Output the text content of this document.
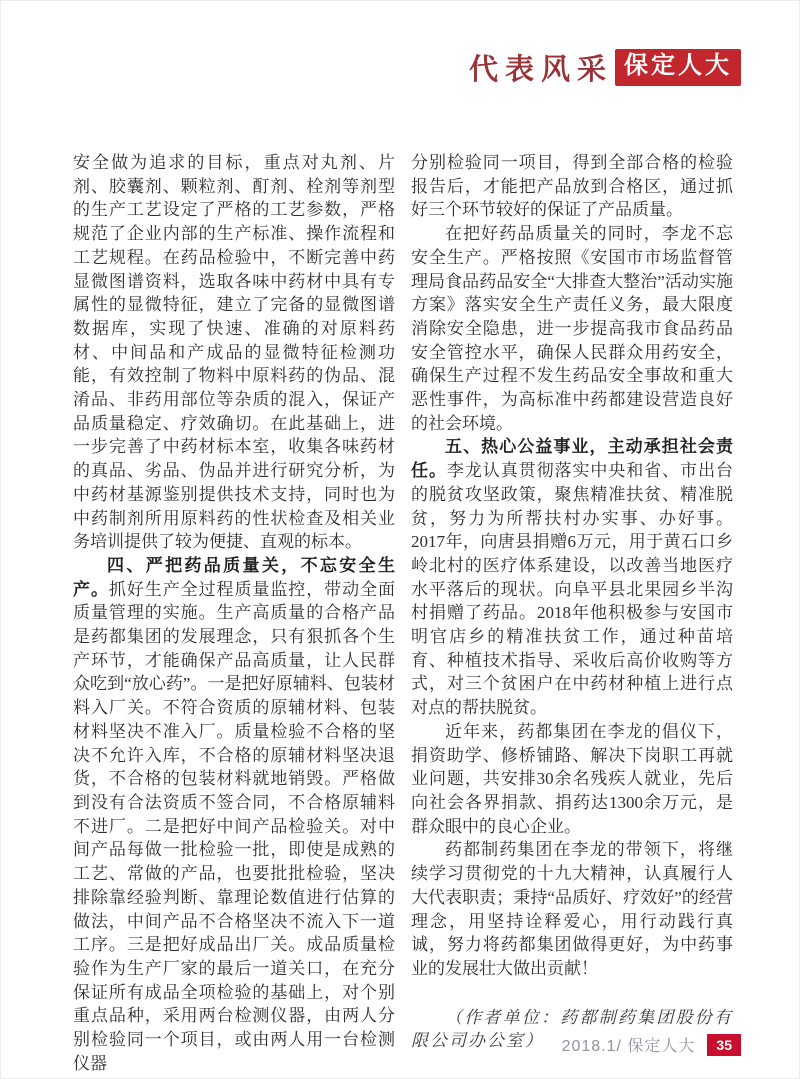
代表风采 保定人大

安全做为追求的目标，重点对丸剂、片剂、胶囊剂、颗粒剂、酊剂、栓剂等剂型的生产工艺设定了严格的工艺参数，严格规范了企业内部的生产标准、操作流程和工艺规程。在药品检验中，不断完善中药显微图谱资料，选取各味中药材中具有专属性的显微特征，建立了完备的显微图谱数据库，实现了快速、准确的对原料药材、中间品和产成品的显微特征检测功能，有效控制了物料中原料药的伪品、混淆品、非药用部位等杂质的混入，保证产品质量稳定、疗效确切。在此基础上，进一步完善了中药材标本室，收集各味药材的真品、劣品、伪品并进行研究分析，为中药材基源鉴别提供技术支持，同时也为中药制剂所用原料药的性状检查及相关业务培训提供了较为便捷、直观的标本。

四、严把药品质量关，不忘安全生产。抓好生产全过程质量监控，带动全面质量管理的实施。生产高质量的合格产品是药都集团的发展理念，只有狠抓各个生产环节，才能确保产品高质量，让人民群众吃到“放心药”。一是把好原辅料、包装材料入厂关。不符合资质的原辅材料、包装材料坚决不准入厂。质量检验不合格的坚决不允许入库，不合格的原辅材料坚决退货，不合格的包装材料就地销毁。严格做到没有合法资质不签合同，不合格原辅料不进厂。二是把好中间产品检验关。对中间产品每做一批检验一批，即使是成熟的工艺、常做的产品，也要批批检验，坚决排除靠经验判断、靠理论数值进行估算的做法，中间产品不合格坚决不流入下一道工序。三是把好成品出厂关。成品质量检验作为生产厂家的最后一道关口，在充分保证所有成品全项检验的基础上，对个别重点品种，采用两台检测仪器，由两人分别检验同一个项目，或由两人用一台检测仪器

分别检验同一项目，得到全部合格的检验报告后，才能把产品放到合格区，通过抓好三个环节较好的保证了产品质量。

在把好药品质量关的同时，李龙不忘安全生产。严格按照《安国市市场监督管理局食品药品安全“大排查大整治”活动实施方案》落实安全生产责任义务，最大限度消除安全隐患，进一步提高我市食品药品安全管控水平，确保人民群众用药安全，确保生产过程不发生药品安全事故和重大恶性事件，为高标准中药都建设营造良好的社会环境。

五、热心公益事业，主动承担社会责任。李龙认真贯彻落实中央和省、市出台的脱贫攻坚政策，聚焦精准扶贫、精准脱贫，努力为所帮扶村办实事、办好事。2017年，向唐县捐赠6万元，用于黄石口乡岭北村的医疗体系建设，以改善当地医疗水平落后的现状。向阜平县北果园乡半沟村捐赠了药品。2018年他积极参与安国市明官店乡的精准扶贫工作，通过种苗培育、种植技术指导、采收后高价收购等方式，对三个贫困户在中药材种植上进行点对点的帮扶脱贫。

近年来，药都集团在李龙的倡仪下，捐资助学、修桥铺路、解决下岗职工再就业问题，共安排30余名残疾人就业，先后向社会各界捐款、捐药达1300余万元，是群众眼中的良心企业。

药都制药集团在李龙的带领下，将继续学习贯彻党的十九大精神，认真履行人大代表职责；秉持“品质好、疗效好”的经营理念，用坚持诠释爱心，用行动践行真诚，努力将药都集团做得更好，为中药事业的发展壮大做出贡献！

（作者单位：药都制药集团股份有限公司办公室）	2018.1/ 保定人大	35
